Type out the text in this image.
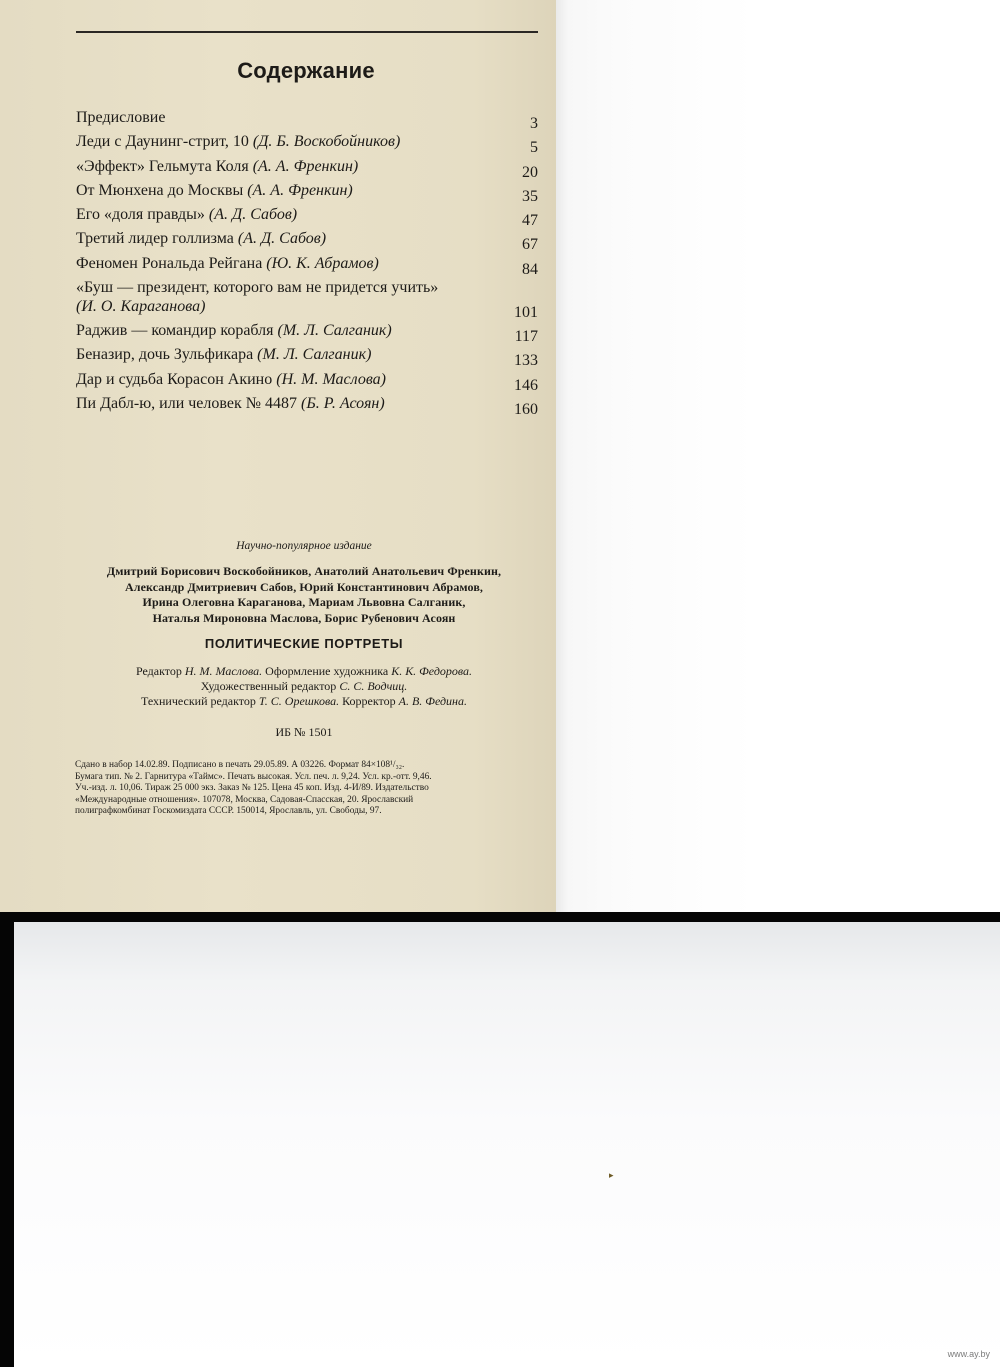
Содержание
Предисловие	3
Леди с Даунинг-стрит, 10 (Д. Б. Воскобойников)	5
«Эффект» Гельмута Коля (А. А. Френкин)	20
От Мюнхена до Москвы (А. А. Френкин)	35
Его «доля правды» (А. Д. Сабов)	47
Третий лидер голлизма (А. Д. Сабов)	67
Феномен Рональда Рейгана (Ю. К. Абрамов)	84
«Буш — президент, которого вам не придется учить»
(И. О. Караганова)	101
Раджив — командир корабля (М. Л. Салганик)	117
Беназир, дочь Зульфикара (М. Л. Салганик)	133
Дар и судьба Корасон Акино (Н. М. Маслова)	146
Пи Дабл-ю, или человек № 4487 (Б. Р. Асоян)	160
Научно-популярное издание
Дмитрий Борисович Воскобойников, Анатолий Анатольевич Френкин,
Александр Дмитриевич Сабов, Юрий Константинович Абрамов,
Ирина Олеговна Караганова, Мариам Львовна Салганик,
Наталья Мироновна Маслова, Борис Рубенович Асоян
ПОЛИТИЧЕСКИЕ ПОРТРЕТЫ
Редактор Н. М. Маслова. Оформление художника К. К. Федорова.
Художественный редактор С. С. Водчиц.
Технический редактор Т. С. Орешкова. Корректор А. В. Федина.
ИБ № 1501
Сдано в набор 14.02.89. Подписано в печать 29.05.89. А 03226. Формат 84×108¹/₃₂.
Бумага тип. № 2. Гарнитура «Таймс». Печать высокая. Усл. печ. л. 9,24. Усл. кр.-отт. 9,46.
Уч.-изд. л. 10,06. Тираж 25 000 экз. Заказ № 125. Цена 45 коп. Изд. 4-И/89. Издательство
«Международные отношения». 107078, Москва, Садовая-Спасская, 20. Ярославский
полиграфкомбинат Госкомиздата СССР. 150014, Ярославль, ул. Свободы, 97.
▸
www.ay.by
